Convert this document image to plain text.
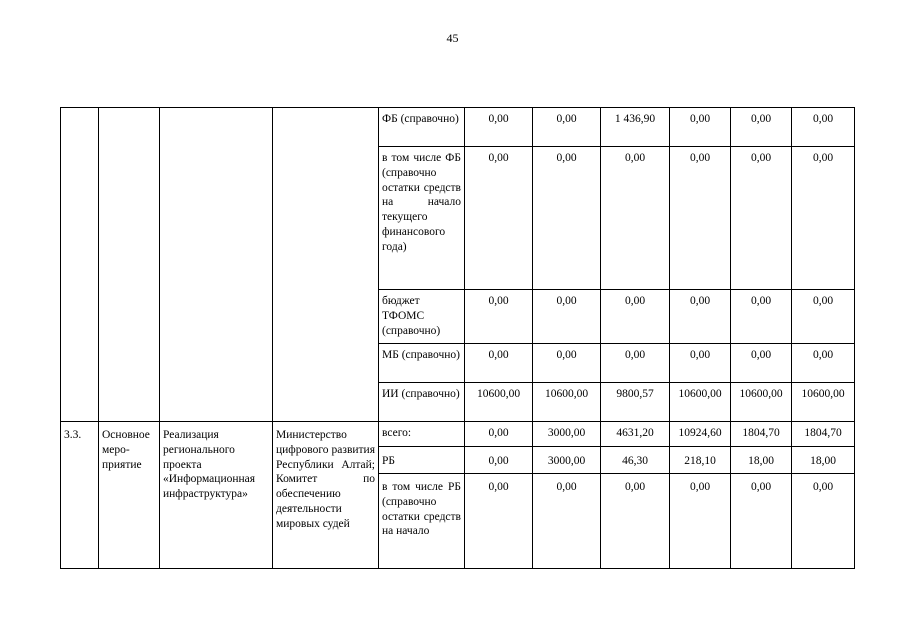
45
				ФБ (справочно)	0,00	0,00	1 436,90	0,00	0,00	0,00
				в том числе ФБ (справочно остатки средств на начало текущего финансового года)	0,00	0,00	0,00	0,00	0,00	0,00
				бюджет ТФОМС (справочно)	0,00	0,00	0,00	0,00	0,00	0,00
				МБ (справочно)	0,00	0,00	0,00	0,00	0,00	0,00
				ИИ (справочно)	10600,00	10600,00	9800,57	10600,00	10600,00	10600,00
3.3.	Основное меро-приятие	Реализация регионального проекта «Информационная инфраструктура»	Министерство цифрового развития Республики Алтай; Комитет по обеспечению деятельности мировых судей	всего:	0,00	3000,00	4631,20	10924,60	1804,70	1804,70
				РБ	0,00	3000,00	46,30	218,10	18,00	18,00
				в том числе РБ (справочно остатки средств на начало	0,00	0,00	0,00	0,00	0,00	0,00
